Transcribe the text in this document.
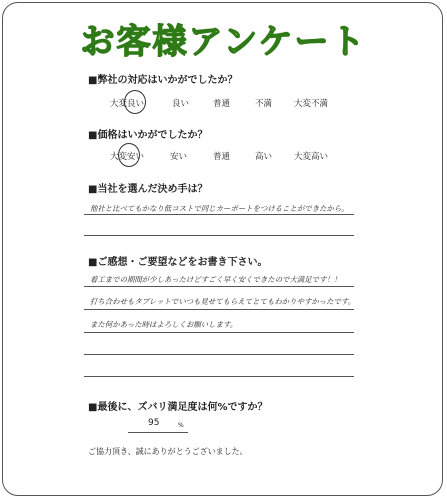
お客様アンケート
■弊社の対応はいかがでしたか？
大変良い	良い	普通	不満	大変不満
■価格はいかがでしたか？
大変安い	安い	普通	高い	大変高い
■当社を選んだ決め手は？
他社と比べてもかなり低コストで同じカーポートをつけることができたから。
■ご感想・ご要望などをお書き下さい。
着工までの期間が少しあったけどすごく早く安くできたので大満足です！！
打ち合わせもタブレットでいつも見せてもらえてとてもわかりやすかったです。
また何かあった時はよろしくお願いします。
■最後に、ズバリ満足度は何%ですか？
95	%
ご協力頂き、誠にありがとうございました。
